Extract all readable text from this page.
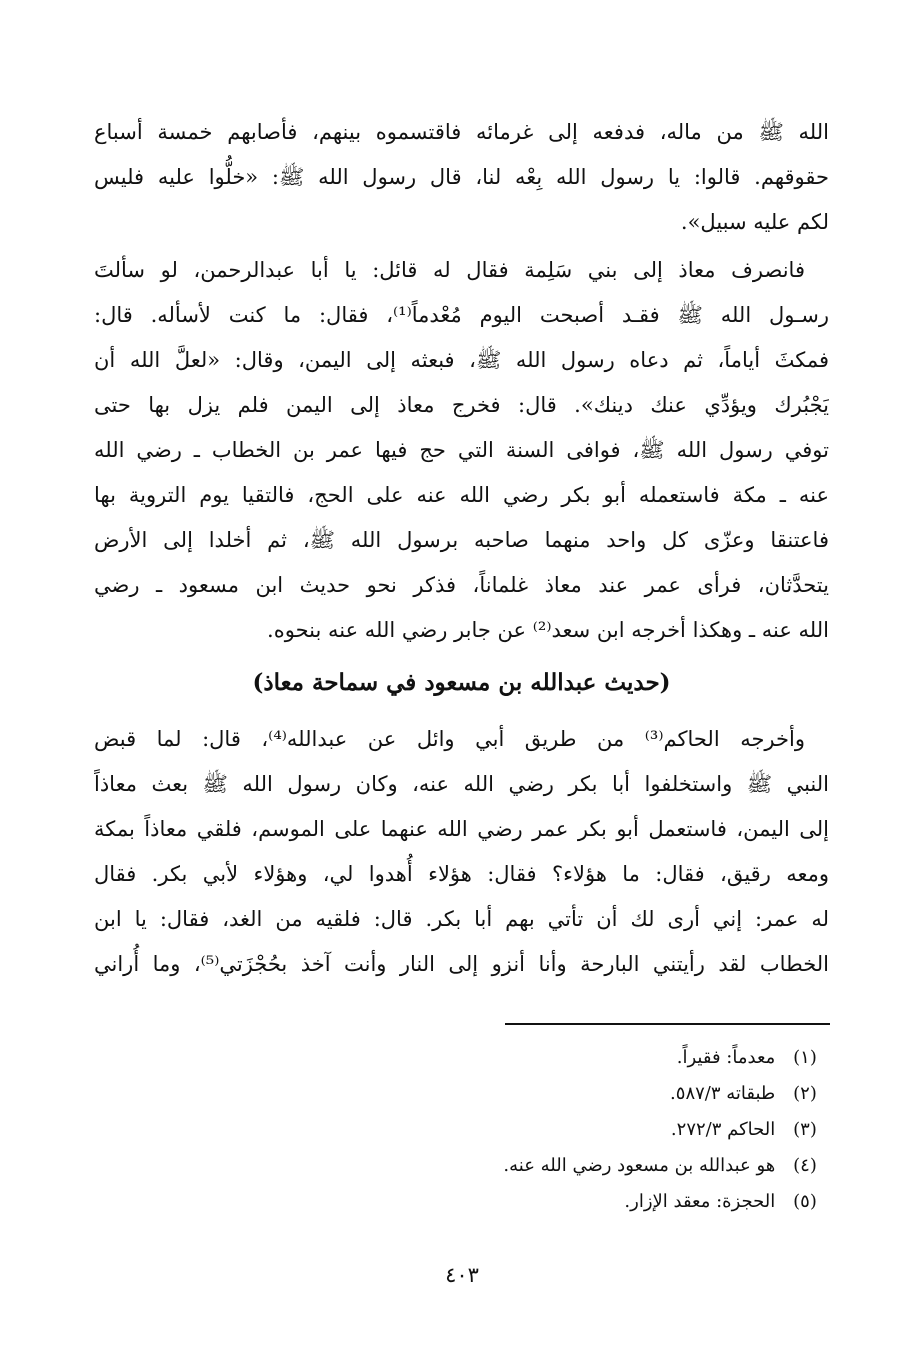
الله ﷺ من ماله، فدفعه إلى غرمائه فاقتسموه بينهم، فأصابهم خمسة أسباع
حقوقهم. قالوا: يا رسول الله بِعْه لنا، قال رسول الله ﷺ: «خلُّوا عليه فليس
لكم عليه سبيل».
فانصرف معاذ إلى بني سَلِمة فقال له قائل: يا أبا عبدالرحمن، لو سألتَ
رسـول الله ﷺ فقـد أصبحت اليوم مُعْدماً⁽¹⁾، فقال: ما كنت لأسأله. قال:
فمكثَ أياماً، ثم دعاه رسول الله ﷺ، فبعثه إلى اليمن، وقال: «لعلَّ الله أن
يَجْبُرك ويؤدِّي عنك دينك». قال: فخرج معاذ إلى اليمن فلم يزل بها حتى
توفي رسول الله ﷺ، فوافى السنة التي حج فيها عمر بن الخطاب ـ رضي الله
عنه ـ مكة فاستعمله أبو بكر رضي الله عنه على الحج، فالتقيا يوم التروية بها
فاعتنقا وعزّى كل واحد منهما صاحبه برسول الله ﷺ، ثم أخلدا إلى الأرض
يتحدَّثان، فرأى عمر عند معاذ غلماناً، فذكر نحو حديث ابن مسعود ـ رضي
الله عنه ـ وهكذا أخرجه ابن سعد⁽²⁾ عن جابر رضي الله عنه بنحوه.
(حديث عبدالله بن مسعود في سماحة معاذ)
وأخرجه الحاكم⁽³⁾ من طريق أبي وائل عن عبدالله⁽⁴⁾، قال: لما قبض
النبي ﷺ واستخلفوا أبا بكر رضي الله عنه، وكان رسول الله ﷺ بعث معاذاً
إلى اليمن، فاستعمل أبو بكر عمر رضي الله عنهما على الموسم، فلقي معاذاً بمكة
ومعه رقيق، فقال: ما هؤلاء؟ فقال: هؤلاء أُهدوا لي، وهؤلاء لأبي بكر. فقال
له عمر: إني أرى لك أن تأتي بهم أبا بكر. قال: فلقيه من الغد، فقال: يا ابن
الخطاب لقد رأيتني البارحة وأنا أنزو إلى النار وأنت آخذ بحُجْزَتي⁽⁵⁾، وما أُراني
(١) معدماً: فقيراً.
(٢) طبقاته ٥٨٧/٣.
(٣) الحاكم ٢٧٢/٣.
(٤) هو عبدالله بن مسعود رضي الله عنه.
(٥) الحجزة: معقد الإزار.
٤٠٣
